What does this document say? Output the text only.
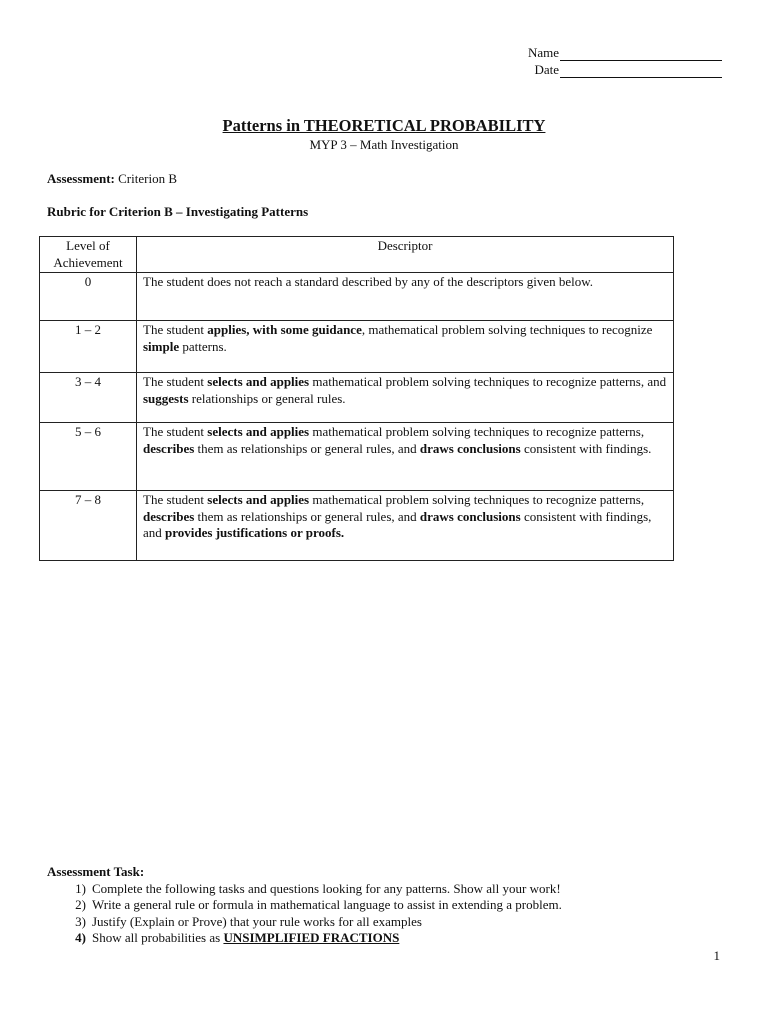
Name
Date
Patterns in THEORETICAL PROBABILITY
MYP 3 – Math Investigation
Assessment: Criterion B
Rubric for Criterion B – Investigating Patterns
Level of Achievement	Descriptor
0	The student does not reach a standard described by any of the descriptors given below.
1 – 2	The student applies, with some guidance, mathematical problem solving techniques to recognize simple patterns.
3 – 4	The student selects and applies mathematical problem solving techniques to recognize patterns, and suggests relationships or general rules.
5 – 6	The student selects and applies mathematical problem solving techniques to recognize patterns, describes them as relationships or general rules, and draws conclusions consistent with findings.
7 – 8	The student selects and applies mathematical problem solving techniques to recognize patterns, describes them as relationships or general rules, and draws conclusions consistent with findings, and provides justifications or proofs.
Assessment Task:
1) Complete the following tasks and questions looking for any patterns. Show all your work!
2) Write a general rule or formula in mathematical language to assist in extending a problem.
3) Justify (Explain or Prove) that your rule works for all examples
4) Show all probabilities as UNSIMPLIFIED FRACTIONS
1
